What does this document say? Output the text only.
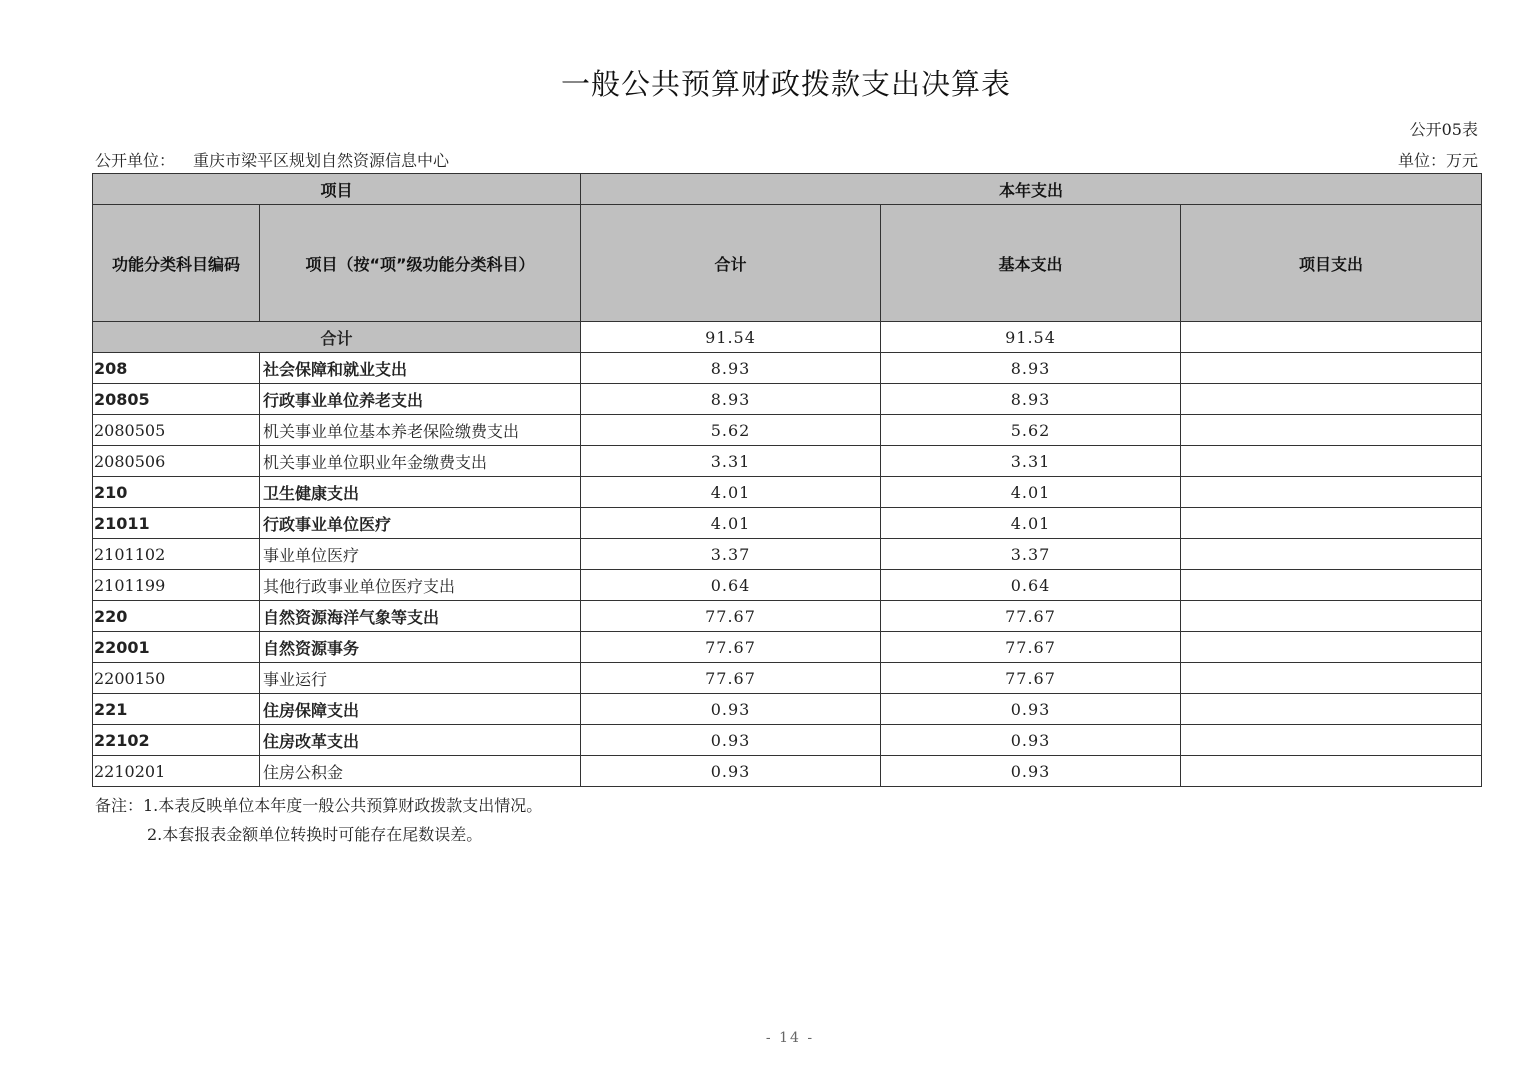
一般公共预算财政拨款支出决算表
公开05表
公开单位： 重庆市梁平区规划自然资源信息中心	单位：万元
项目		本年支出		
功能分类科目编码	项目（按“项”级功能分类科目）	合计	基本支出	项目支出
合计		91.54	91.54	
208	社会保障和就业支出	8.93	8.93	
20805	行政事业单位养老支出	8.93	8.93	
2080505	机关事业单位基本养老保险缴费支出	5.62	5.62	
2080506	机关事业单位职业年金缴费支出	3.31	3.31	
210	卫生健康支出	4.01	4.01	
21011	行政事业单位医疗	4.01	4.01	
2101102	事业单位医疗	3.37	3.37	
2101199	其他行政事业单位医疗支出	0.64	0.64	
220	自然资源海洋气象等支出	77.67	77.67	
22001	自然资源事务	77.67	77.67	
2200150	事业运行	77.67	77.67	
221	住房保障支出	0.93	0.93	
22102	住房改革支出	0.93	0.93	
2210201	住房公积金	0.93	0.93	
备注：1.本表反映单位本年度一般公共预算财政拨款支出情况。
2.本套报表金额单位转换时可能存在尾数误差。
- 14 -
